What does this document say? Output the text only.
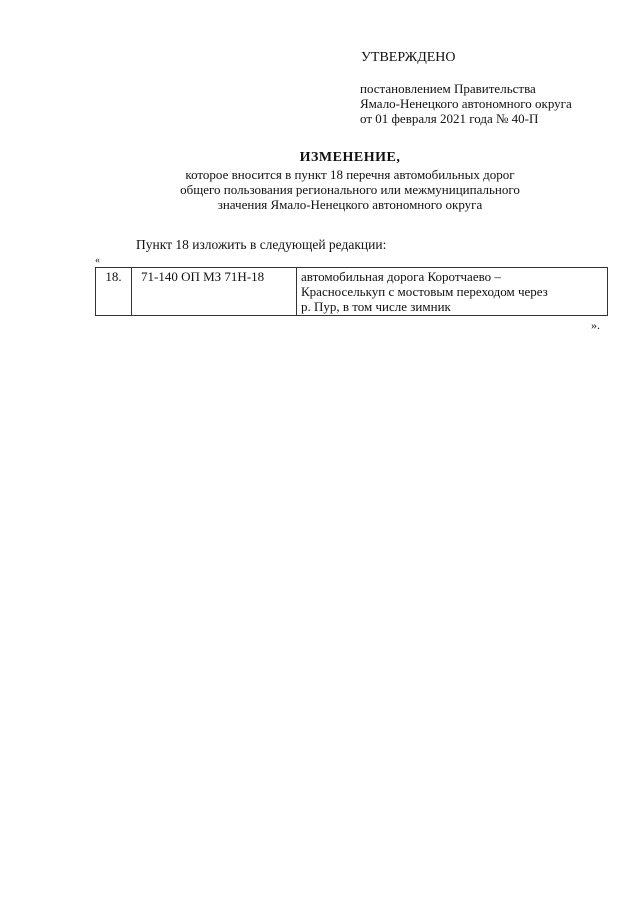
УТВЕРЖДЕНО
постановлением Правительства
Ямало-Ненецкого автономного округа
от 01 февраля 2021 года № 40-П
ИЗМЕНЕНИЕ,
которое вносится в пункт 18 перечня автомобильных дорог
общего пользования регионального или межмуниципального
значения Ямало-Ненецкого автономного округа
Пункт 18 изложить в следующей редакции:
«
18.	71-140 ОП МЗ 71Н-18	автомобильная дорога Коротчаево –
Красноселькуп с мостовым переходом через
р. Пур, в том числе зимник
».
